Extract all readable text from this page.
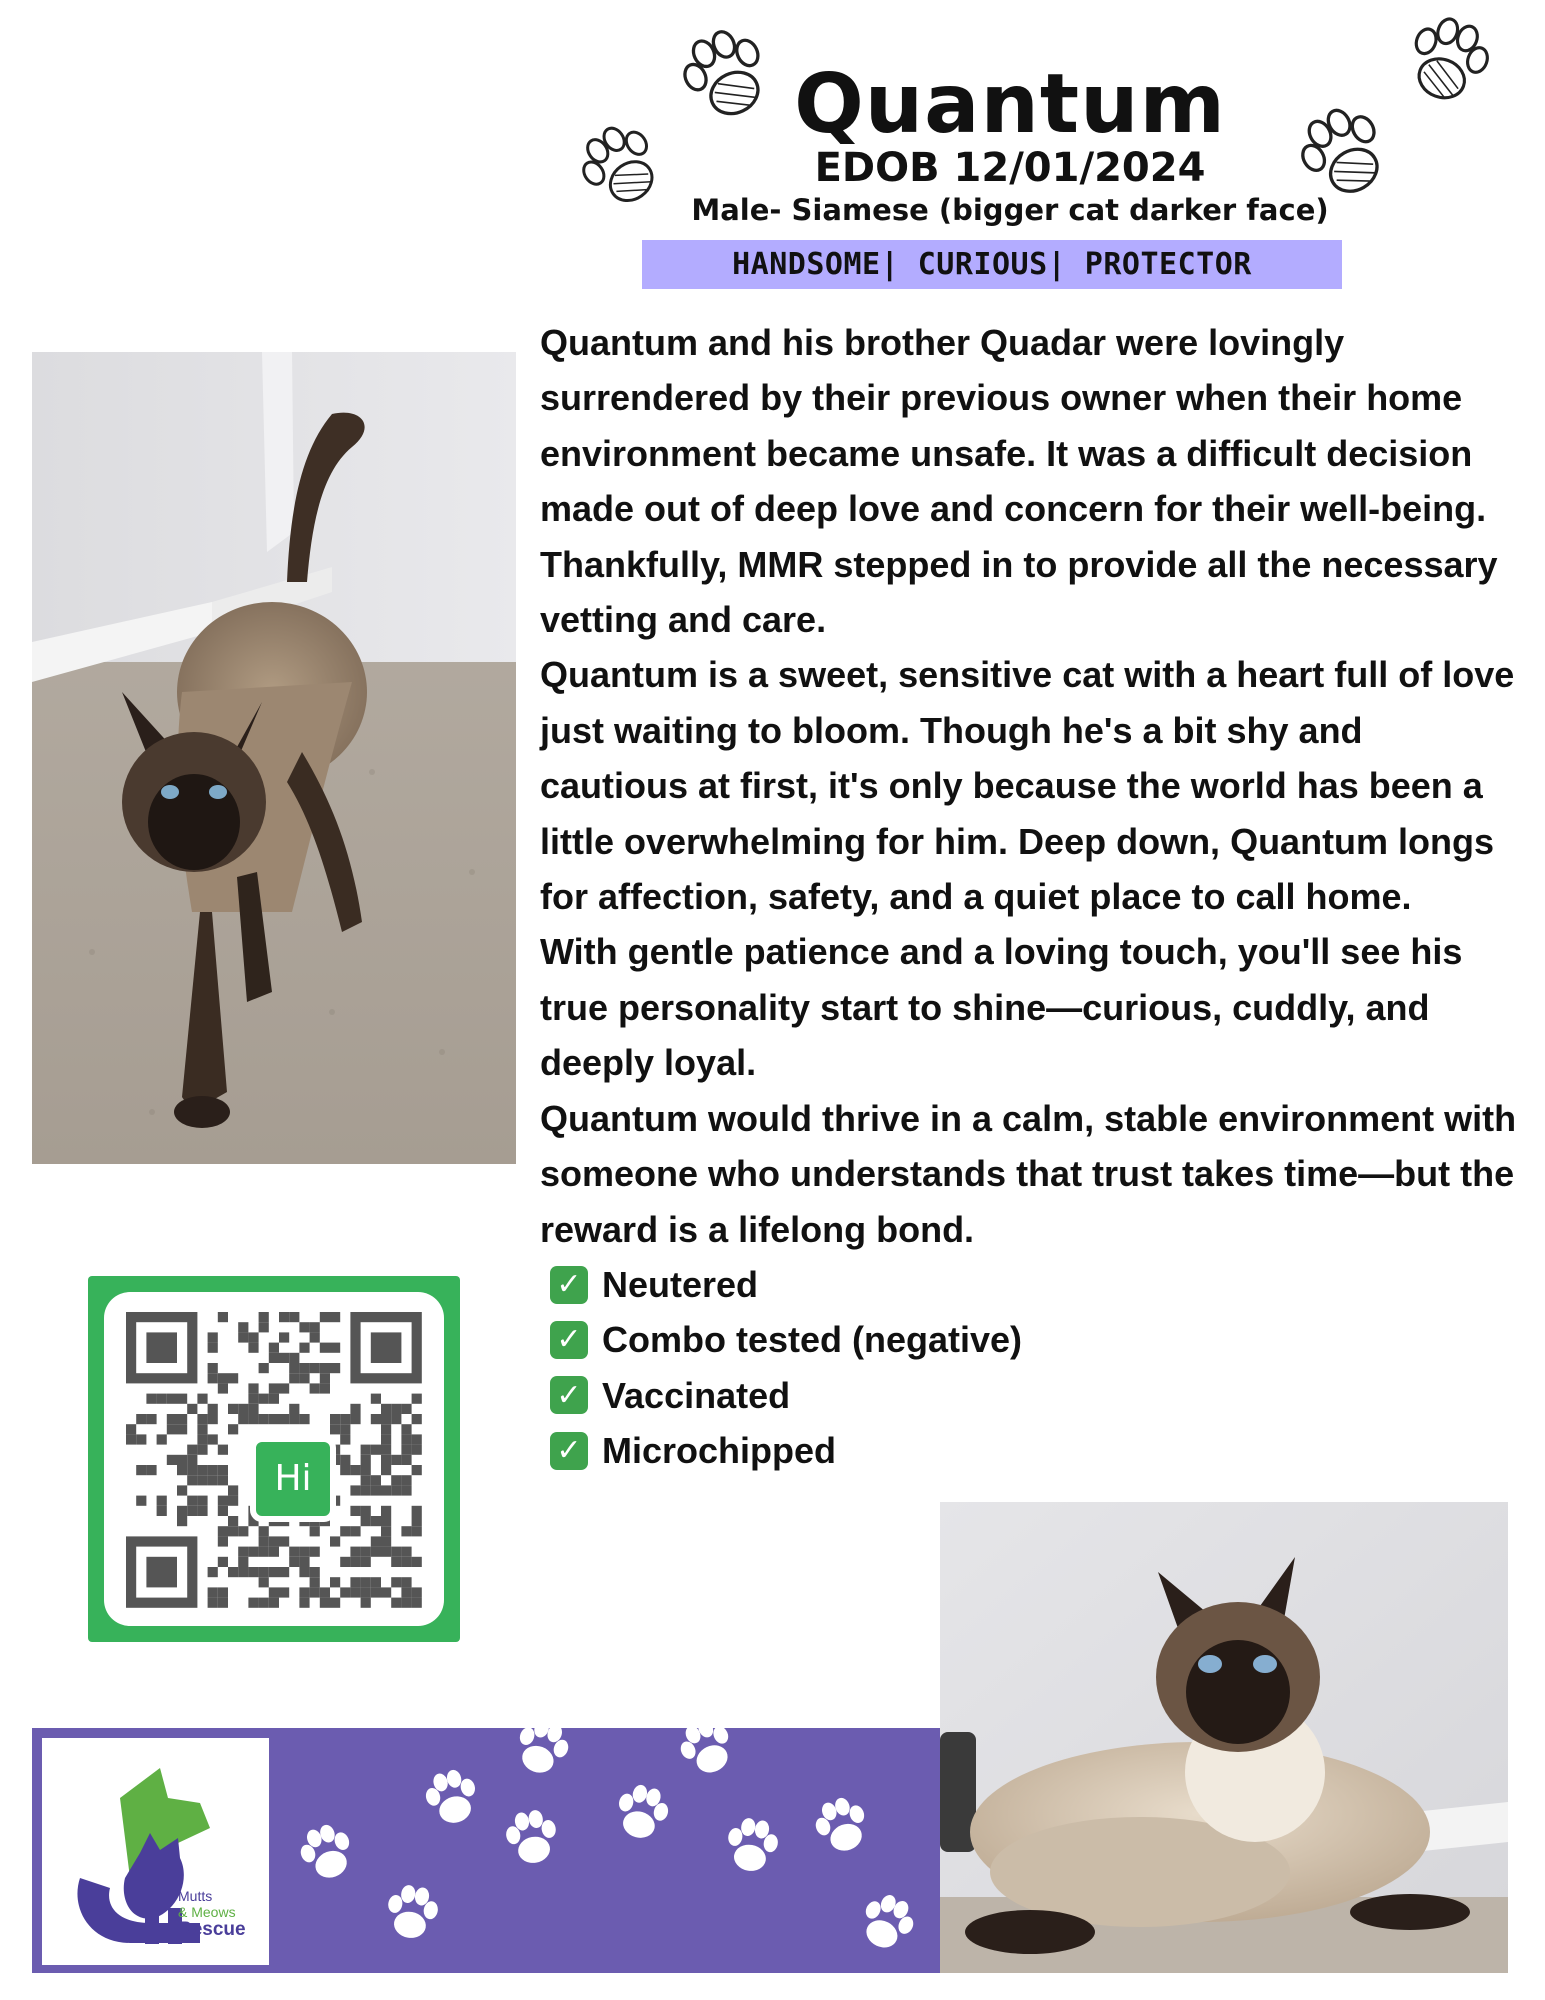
Quantum
EDOB 12/01/2024
Male- Siamese (bigger cat darker face)
HANDSOME| CURIOUS| PROTECTOR

Quantum and his brother Quadar were lovingly surrendered by their previous owner when their home environment became unsafe. It was a difficult decision made out of deep love and concern for their well-being. Thankfully, MMR stepped in to provide all the necessary vetting and care.

Quantum is a sweet, sensitive cat with a heart full of love just waiting to bloom. Though he's a bit shy and cautious at first, it's only because the world has been a little overwhelming for him. Deep down, Quantum longs for affection, safety, and a quiet place to call home.

With gentle patience and a loving touch, you'll see his true personality start to shine—curious, cuddly, and deeply loyal.

Quantum would thrive in a calm, stable environment with someone who understands that trust takes time—but the reward is a lifelong bond.

✓ Neutered
✓ Combo tested (negative)
✓ Vaccinated
✓ Microchipped
Hi
Mutts
& Meows
Rescue
